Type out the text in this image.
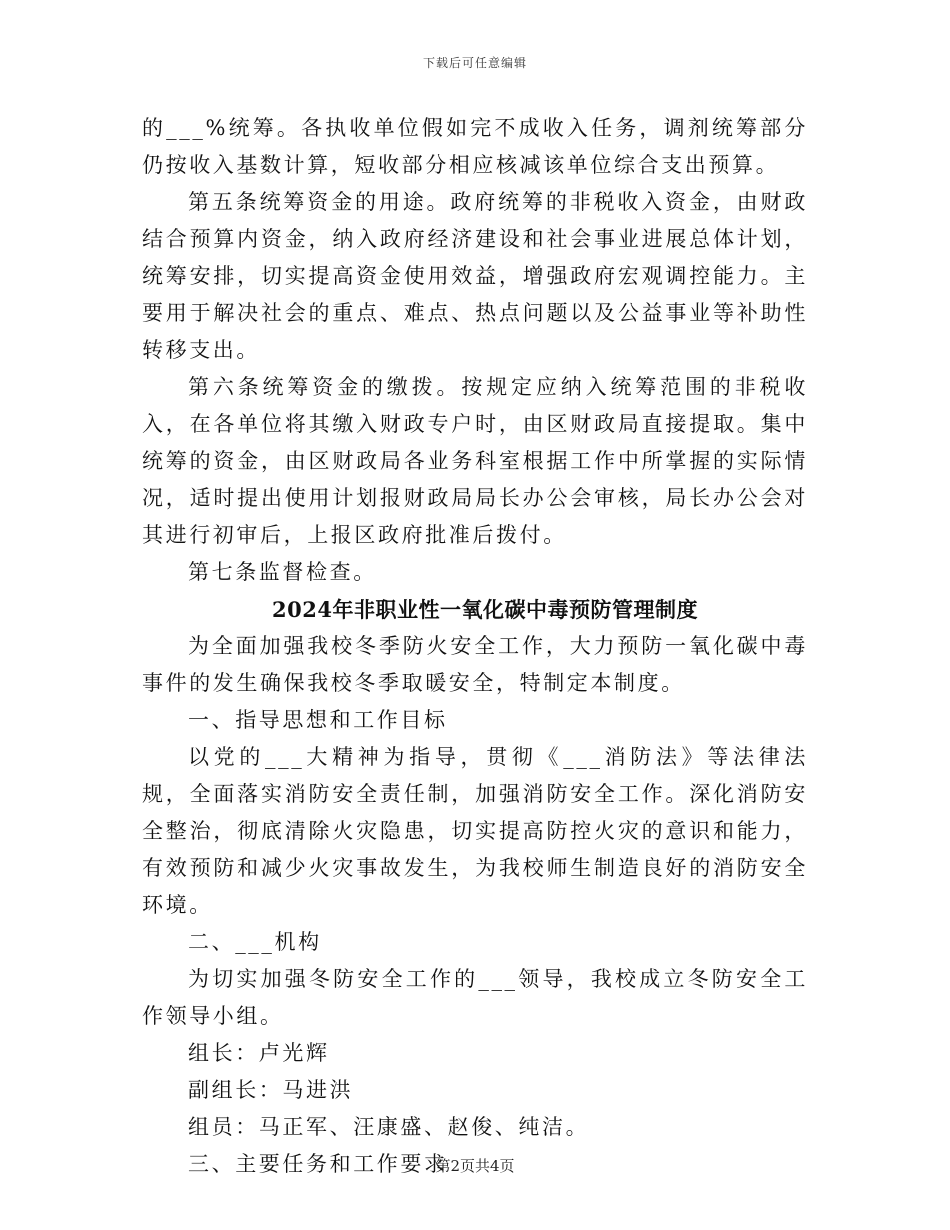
下载后可任意编辑

的___%统筹。各执收单位假如完不成收入任务，调剂统筹部分仍按收入基数计算，短收部分相应核减该单位综合支出预算。

第五条统筹资金的用途。政府统筹的非税收入资金，由财政结合预算内资金，纳入政府经济建设和社会事业进展总体计划，统筹安排，切实提高资金使用效益，增强政府宏观调控能力。主要用于解决社会的重点、难点、热点问题以及公益事业等补助性转移支出。

第六条统筹资金的缴拨。按规定应纳入统筹范围的非税收入，在各单位将其缴入财政专户时，由区财政局直接提取。集中统筹的资金，由区财政局各业务科室根据工作中所掌握的实际情况，适时提出使用计划报财政局局长办公会审核，局长办公会对其进行初审后，上报区政府批准后拨付。

第七条监督检查。

2024年非职业性一氧化碳中毒预防管理制度

为全面加强我校冬季防火安全工作，大力预防一氧化碳中毒事件的发生确保我校冬季取暖安全，特制定本制度。

一、指导思想和工作目标

以党的___大精神为指导，贯彻《___消防法》等法律法规，全面落实消防安全责任制，加强消防安全工作。深化消防安全整治，彻底清除火灾隐患，切实提高防控火灾的意识和能力，有效预防和减少火灾事故发生，为我校师生制造良好的消防安全环境。

二、___机构

为切实加强冬防安全工作的___领导，我校成立冬防安全工作领导小组。

组长：卢光辉

副组长：马进洪

组员：马正军、汪康盛、赵俊、纯洁。

三、主要任务和工作要求

第2页共4页
